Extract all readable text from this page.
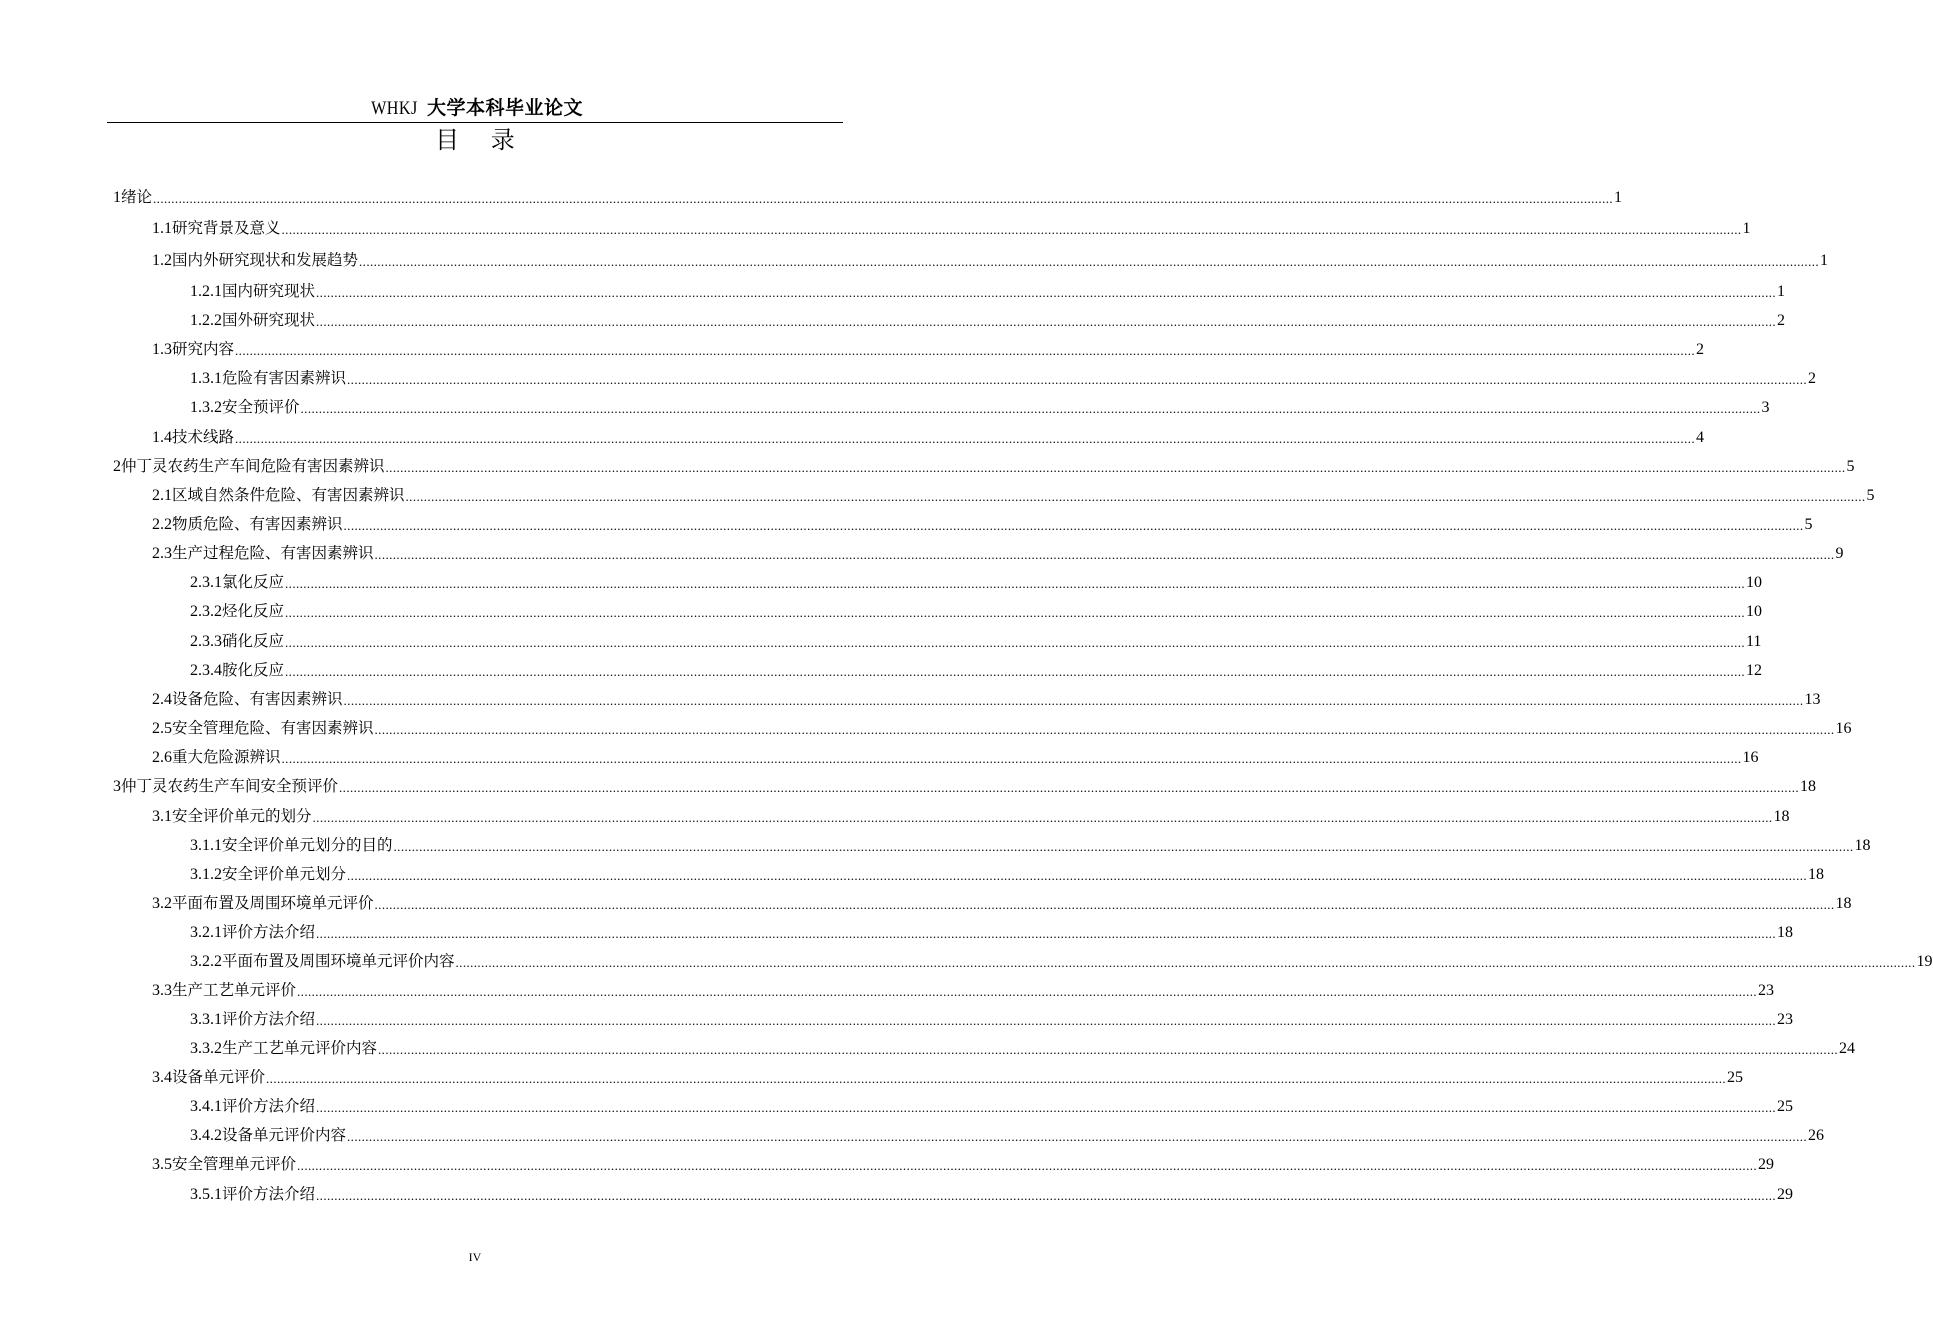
WHKJ 大学本科毕业论文
目 录
1 绪论 ................................................................................................................................................................................................................................................................................................................................................................................................................ 1
1.1 研究背景及意义 ................................................................................................................................................................................................................................................................................................................................................................................................................ 1
1.2 国内外研究现状和发展趋势 ................................................................................................................................................................................................................................................................................................................................................................................................................ 1
1.2.1 国内研究现状 ................................................................................................................................................................................................................................................................................................................................................................................................................ 1
1.2.2 国外研究现状 ................................................................................................................................................................................................................................................................................................................................................................................................................ 2
1.3 研究内容 ................................................................................................................................................................................................................................................................................................................................................................................................................ 2
1.3.1 危险有害因素辨识 ................................................................................................................................................................................................................................................................................................................................................................................................................ 2
1.3.2 安全预评价 ................................................................................................................................................................................................................................................................................................................................................................................................................ 3
1.4 技术线路 ................................................................................................................................................................................................................................................................................................................................................................................................................ 4
2 仲丁灵农药生产车间危险有害因素辨识 ................................................................................................................................................................................................................................................................................................................................................................................................................ 5
2.1 区域自然条件危险、有害因素辨识 ................................................................................................................................................................................................................................................................................................................................................................................................................ 5
2.2 物质危险、有害因素辨识 ................................................................................................................................................................................................................................................................................................................................................................................................................ 5
2.3 生产过程危险、有害因素辨识 ................................................................................................................................................................................................................................................................................................................................................................................................................ 9
2.3.1 氯化反应 ................................................................................................................................................................................................................................................................................................................................................................................................................ 10
2.3.2 烃化反应 ................................................................................................................................................................................................................................................................................................................................................................................................................ 10
2.3.3 硝化反应 ................................................................................................................................................................................................................................................................................................................................................................................................................ 11
2.3.4 胺化反应 ................................................................................................................................................................................................................................................................................................................................................................................................................ 12
2.4 设备危险、有害因素辨识 ................................................................................................................................................................................................................................................................................................................................................................................................................ 13
2.5 安全管理危险、有害因素辨识 ................................................................................................................................................................................................................................................................................................................................................................................................................ 16
2.6 重大危险源辨识 ................................................................................................................................................................................................................................................................................................................................................................................................................ 16
3 仲丁灵农药生产车间安全预评价 ................................................................................................................................................................................................................................................................................................................................................................................................................ 18
3.1 安全评价单元的划分 ................................................................................................................................................................................................................................................................................................................................................................................................................ 18
3.1.1 安全评价单元划分的目的 ................................................................................................................................................................................................................................................................................................................................................................................................................ 18
3.1.2 安全评价单元划分 ................................................................................................................................................................................................................................................................................................................................................................................................................ 18
3.2 平面布置及周围环境单元评价 ................................................................................................................................................................................................................................................................................................................................................................................................................ 18
3.2.1 评价方法介绍 ................................................................................................................................................................................................................................................................................................................................................................................................................ 18
3.2.2 平面布置及周围环境单元评价内容 ................................................................................................................................................................................................................................................................................................................................................................................................................ 19
3.3 生产工艺单元评价 ................................................................................................................................................................................................................................................................................................................................................................................................................ 23
3.3.1 评价方法介绍 ................................................................................................................................................................................................................................................................................................................................................................................................................ 23
3.3.2 生产工艺单元评价内容 ................................................................................................................................................................................................................................................................................................................................................................................................................ 24
3.4 设备单元评价 ................................................................................................................................................................................................................................................................................................................................................................................................................ 25
3.4.1 评价方法介绍 ................................................................................................................................................................................................................................................................................................................................................................................................................ 25
3.4.2 设备单元评价内容 ................................................................................................................................................................................................................................................................................................................................................................................................................ 26
3.5 安全管理单元评价 ................................................................................................................................................................................................................................................................................................................................................................................................................ 29
3.5.1 评价方法介绍 ................................................................................................................................................................................................................................................................................................................................................................................................................ 29
IV
